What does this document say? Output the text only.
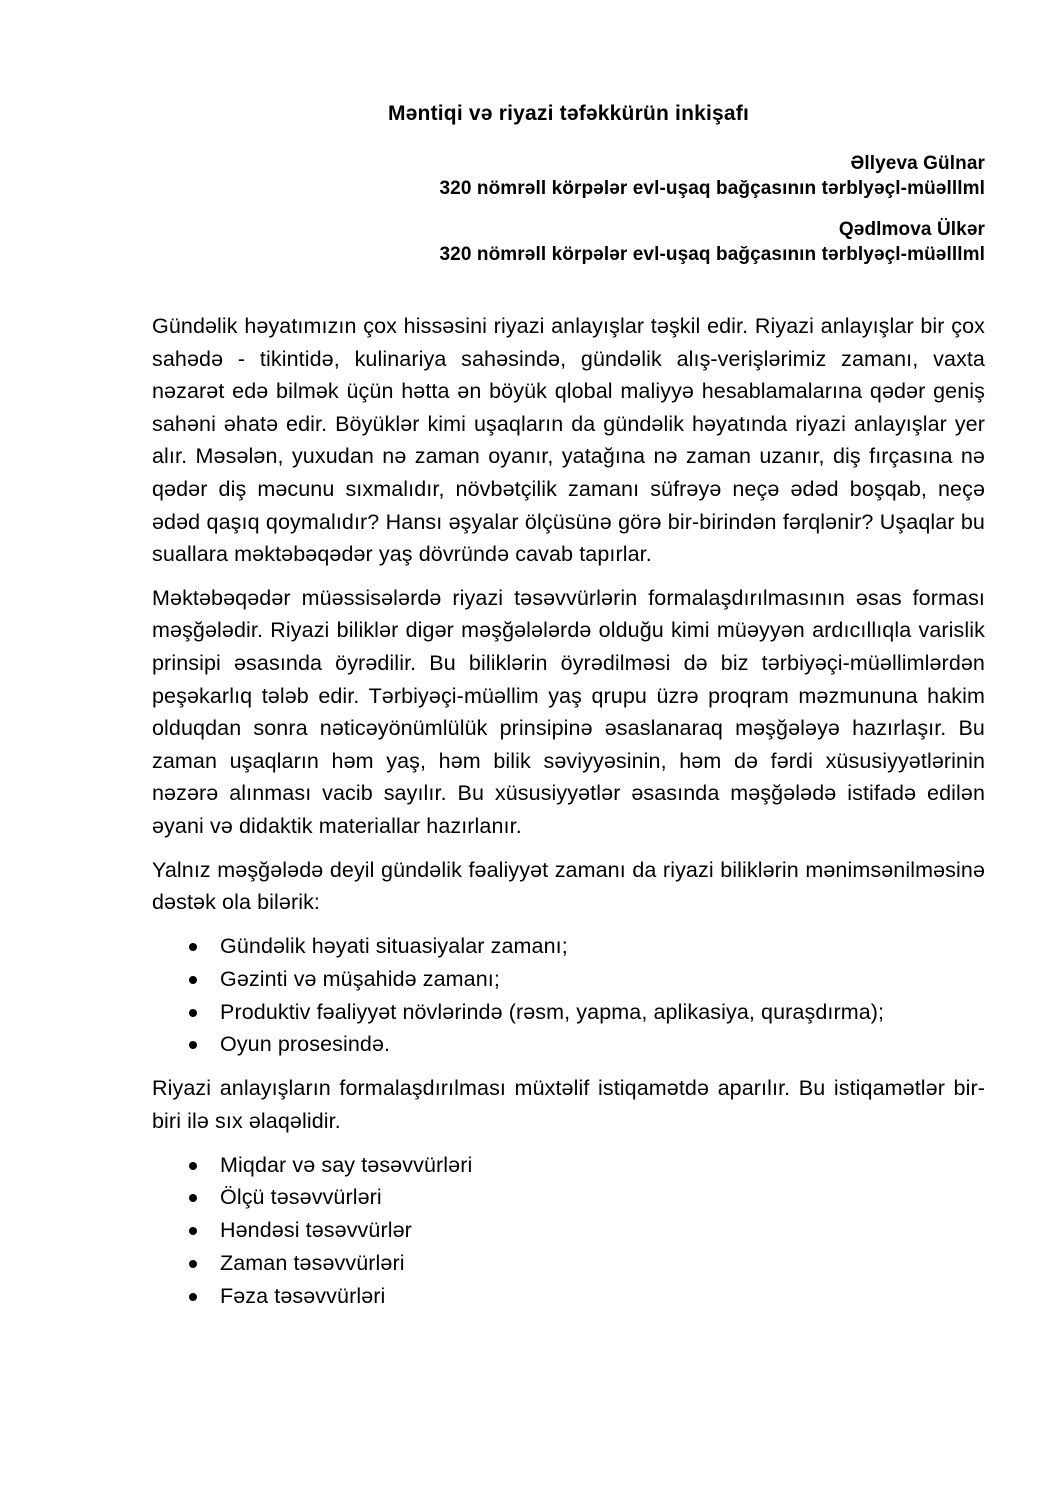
Məntiqi və riyazi təfəkkürün inkişafı
Əllyeva Gülnar
320 nömrəll körpələr evl-uşaq bağçasının tərblyəçl-müəlllml
Qədlmova Ülkər
320 nömrəll körpələr evl-uşaq bağçasının tərblyəçl-müəlllml

Gündəlik həyatımızın çox hissəsini riyazi anlayışlar təşkil edir. Riyazi anlayışlar bir çox sahədə - tikintidə, kulinariya sahəsində, gündəlik alış-verişlərimiz zamanı, vaxta nəzarət edə bilmək üçün hətta ən böyük qlobal maliyyə hesablamalarına qədər geniş sahəni əhatə edir. Böyüklər kimi uşaqların da gündəlik həyatında riyazi anlayışlar yer alır. Məsələn, yuxudan nə zaman oyanır, yatağına nə zaman uzanır, diş fırçasına nə qədər diş məcunu sıxmalıdır, növbətçilik zamanı süfrəyə neçə ədəd boşqab, neçə ədəd qaşıq qoymalıdır? Hansı əşyalar ölçüsünə görə bir-birindən fərqlənir? Uşaqlar bu suallara məktəbəqədər yaş dövründə cavab tapırlar.

Məktəbəqədər müəssisələrdə riyazi təsəvvürlərin formalaşdırılmasının əsas forması məşğələdir. Riyazi biliklər digər məşğələlərdə olduğu kimi müəyyən ardıcıllıqla varislik prinsipi əsasında öyrədilir. Bu biliklərin öyrədilməsi də biz tərbiyəçi-müəllimlərdən peşəkarlıq tələb edir. Tərbiyəçi-müəllim yaş qrupu üzrə proqram məzmununa hakim olduqdan sonra nəticəyönümlülük prinsipinə əsaslanaraq məşğələyə hazırlaşır. Bu zaman uşaqların həm yaş, həm bilik səviyyəsinin, həm də fərdi xüsusiyyətlərinin nəzərə alınması vacib sayılır. Bu xüsusiyyətlər əsasında məşğələdə istifadə edilən əyani və didaktik materiallar hazırlanır.

Yalnız məşğələdə deyil gündəlik fəaliyyət zamanı da riyazi biliklərin mənimsənilməsinə dəstək ola bilərik:

Gündəlik həyati situasiyalar zamanı;
Gəzinti və müşahidə zamanı;
Produktiv fəaliyyət növlərində (rəsm, yapma, aplikasiya, quraşdırma);
Oyun prosesində.

Riyazi anlayışların formalaşdırılması müxtəlif istiqamətdə aparılır. Bu istiqamətlər bir-biri ilə sıx əlaqəlidir.

Miqdar və say təsəvvürləri
Ölçü təsəvvürləri
Həndəsi təsəvvürlər
Zaman təsəvvürləri
Fəza təsəvvürləri
